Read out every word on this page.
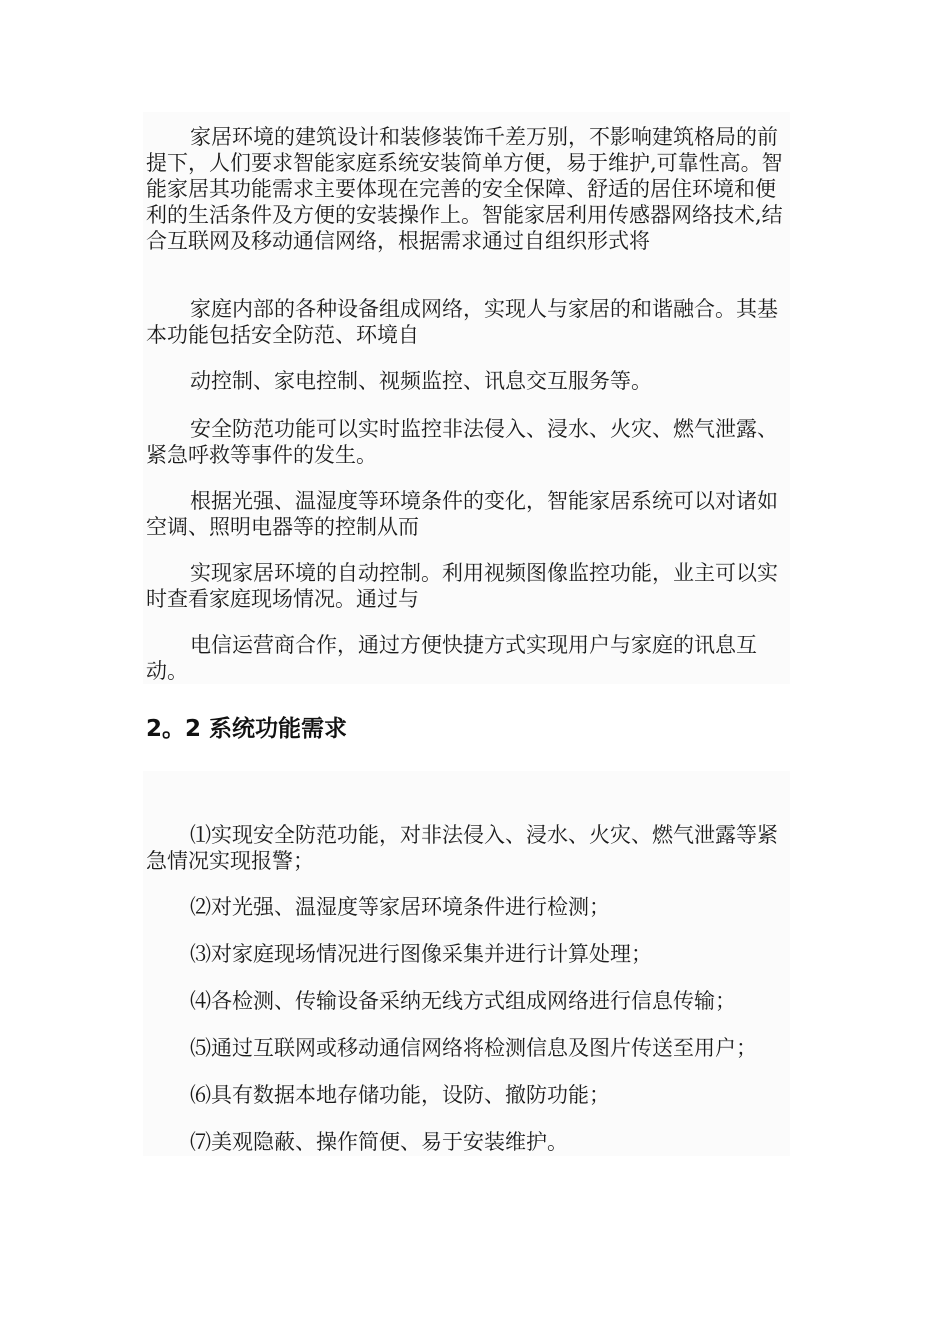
家居环境的建筑设计和装修装饰千差万别，不影响建筑格局的前提下，人们要求智能家庭系统安装简单方便，易于维护,可靠性高。智能家居其功能需求主要体现在完善的安全保障、舒适的居住环境和便利的生活条件及方便的安装操作上。智能家居利用传感器网络技术,结合互联网及移动通信网络，根据需求通过自组织形式将

家庭内部的各种设备组成网络，实现人与家居的和谐融合。其基本功能包括安全防范、环境自

动控制、家电控制、视频监控、讯息交互服务等。

安全防范功能可以实时监控非法侵入、浸水、火灾、燃气泄露、紧急呼救等事件的发生。

根据光强、温湿度等环境条件的变化，智能家居系统可以对诸如空调、照明电器等的控制从而

实现家居环境的自动控制。利用视频图像监控功能，业主可以实时查看家庭现场情况。通过与

电信运营商合作，通过方便快捷方式实现用户与家庭的讯息互动。

2。2 系统功能需求

⑴实现安全防范功能，对非法侵入、浸水、火灾、燃气泄露等紧急情况实现报警；

⑵对光强、温湿度等家居环境条件进行检测；

⑶对家庭现场情况进行图像采集并进行计算处理；

⑷各检测、传输设备采纳无线方式组成网络进行信息传输；

⑸通过互联网或移动通信网络将检测信息及图片传送至用户；

⑹具有数据本地存储功能，设防、撤防功能；

⑺美观隐蔽、操作简便、易于安装维护。
